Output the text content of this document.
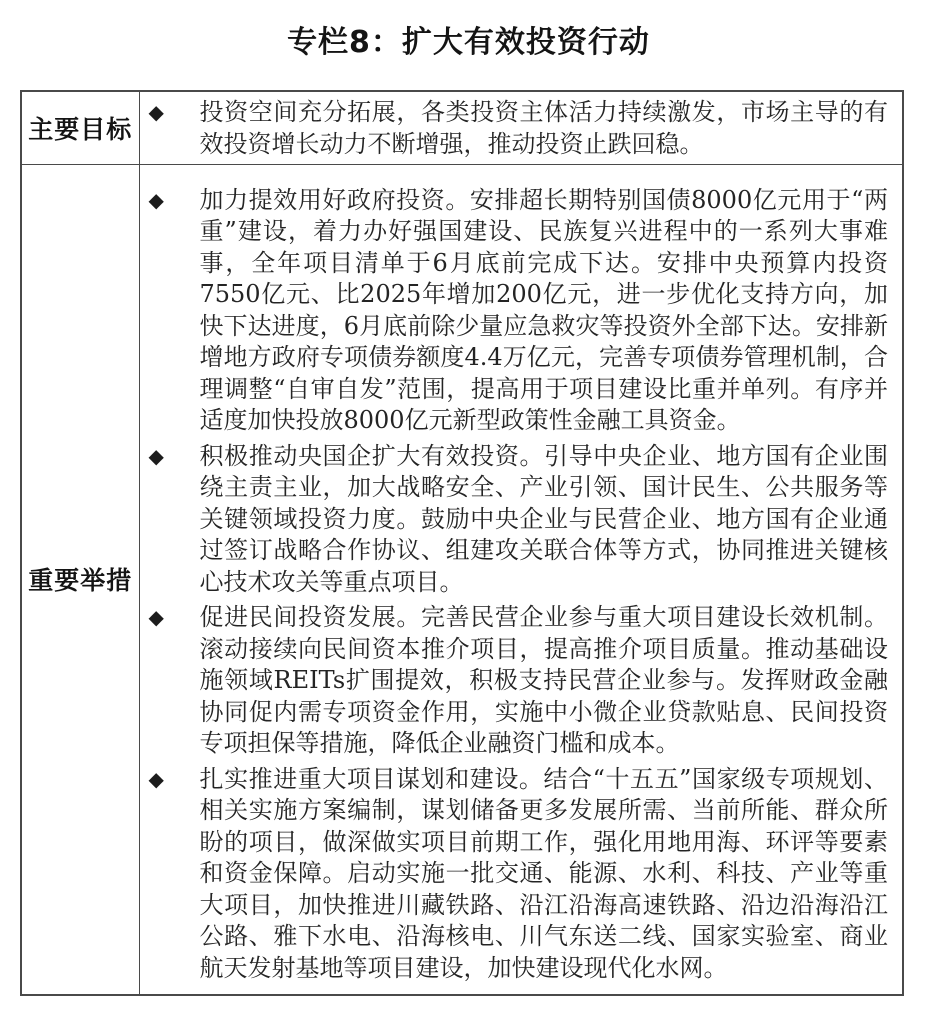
专栏8：扩大有效投资行动
主要目标	◆ 投资空间充分拓展，各类投资主体活力持续激发，市场主导的有效投资增长动力不断增强，推动投资止跌回稳。

重要举措	
◆	加力提效用好政府投资。安排超长期特别国债8000亿元用于“两重”建设，着力办好强国建设、民族复兴进程中的一系列大事难事，全年项目清单于6月底前完成下达。安排中央预算内投资7550亿元、比2025年增加200亿元，进一步优化支持方向，加快下达进度，6月底前除少量应急救灾等投资外全部下达。安排新增地方政府专项债券额度4.4万亿元，完善专项债券管理机制，合理调整“自审自发”范围，提高用于项目建设比重并单列。有序并适度加快投放8000亿元新型政策性金融工具资金。
◆	积极推动央国企扩大有效投资。引导中央企业、地方国有企业围绕主责主业，加大战略安全、产业引领、国计民生、公共服务等关键领域投资力度。鼓励中央企业与民营企业、地方国有企业通过签订战略合作协议、组建攻关联合体等方式，协同推进关键核心技术攻关等重点项目。
◆	促进民间投资发展。完善民营企业参与重大项目建设长效机制。滚动接续向民间资本推介项目，提高推介项目质量。推动基础设施领域REITs扩围提效，积极支持民营企业参与。发挥财政金融协同促内需专项资金作用，实施中小微企业贷款贴息、民间投资专项担保等措施，降低企业融资门槛和成本。
◆	扎实推进重大项目谋划和建设。结合“十五五”国家级专项规划、相关实施方案编制，谋划储备更多发展所需、当前所能、群众所盼的项目，做深做实项目前期工作，强化用地用海、环评等要素和资金保障。启动实施一批交通、能源、水利、科技、产业等重大项目，加快推进川藏铁路、沿江沿海高速铁路、沿边沿海沿江公路、雅下水电、沿海核电、川气东送二线、国家实验室、商业航天发射基地等项目建设，加快建设现代化水网。
